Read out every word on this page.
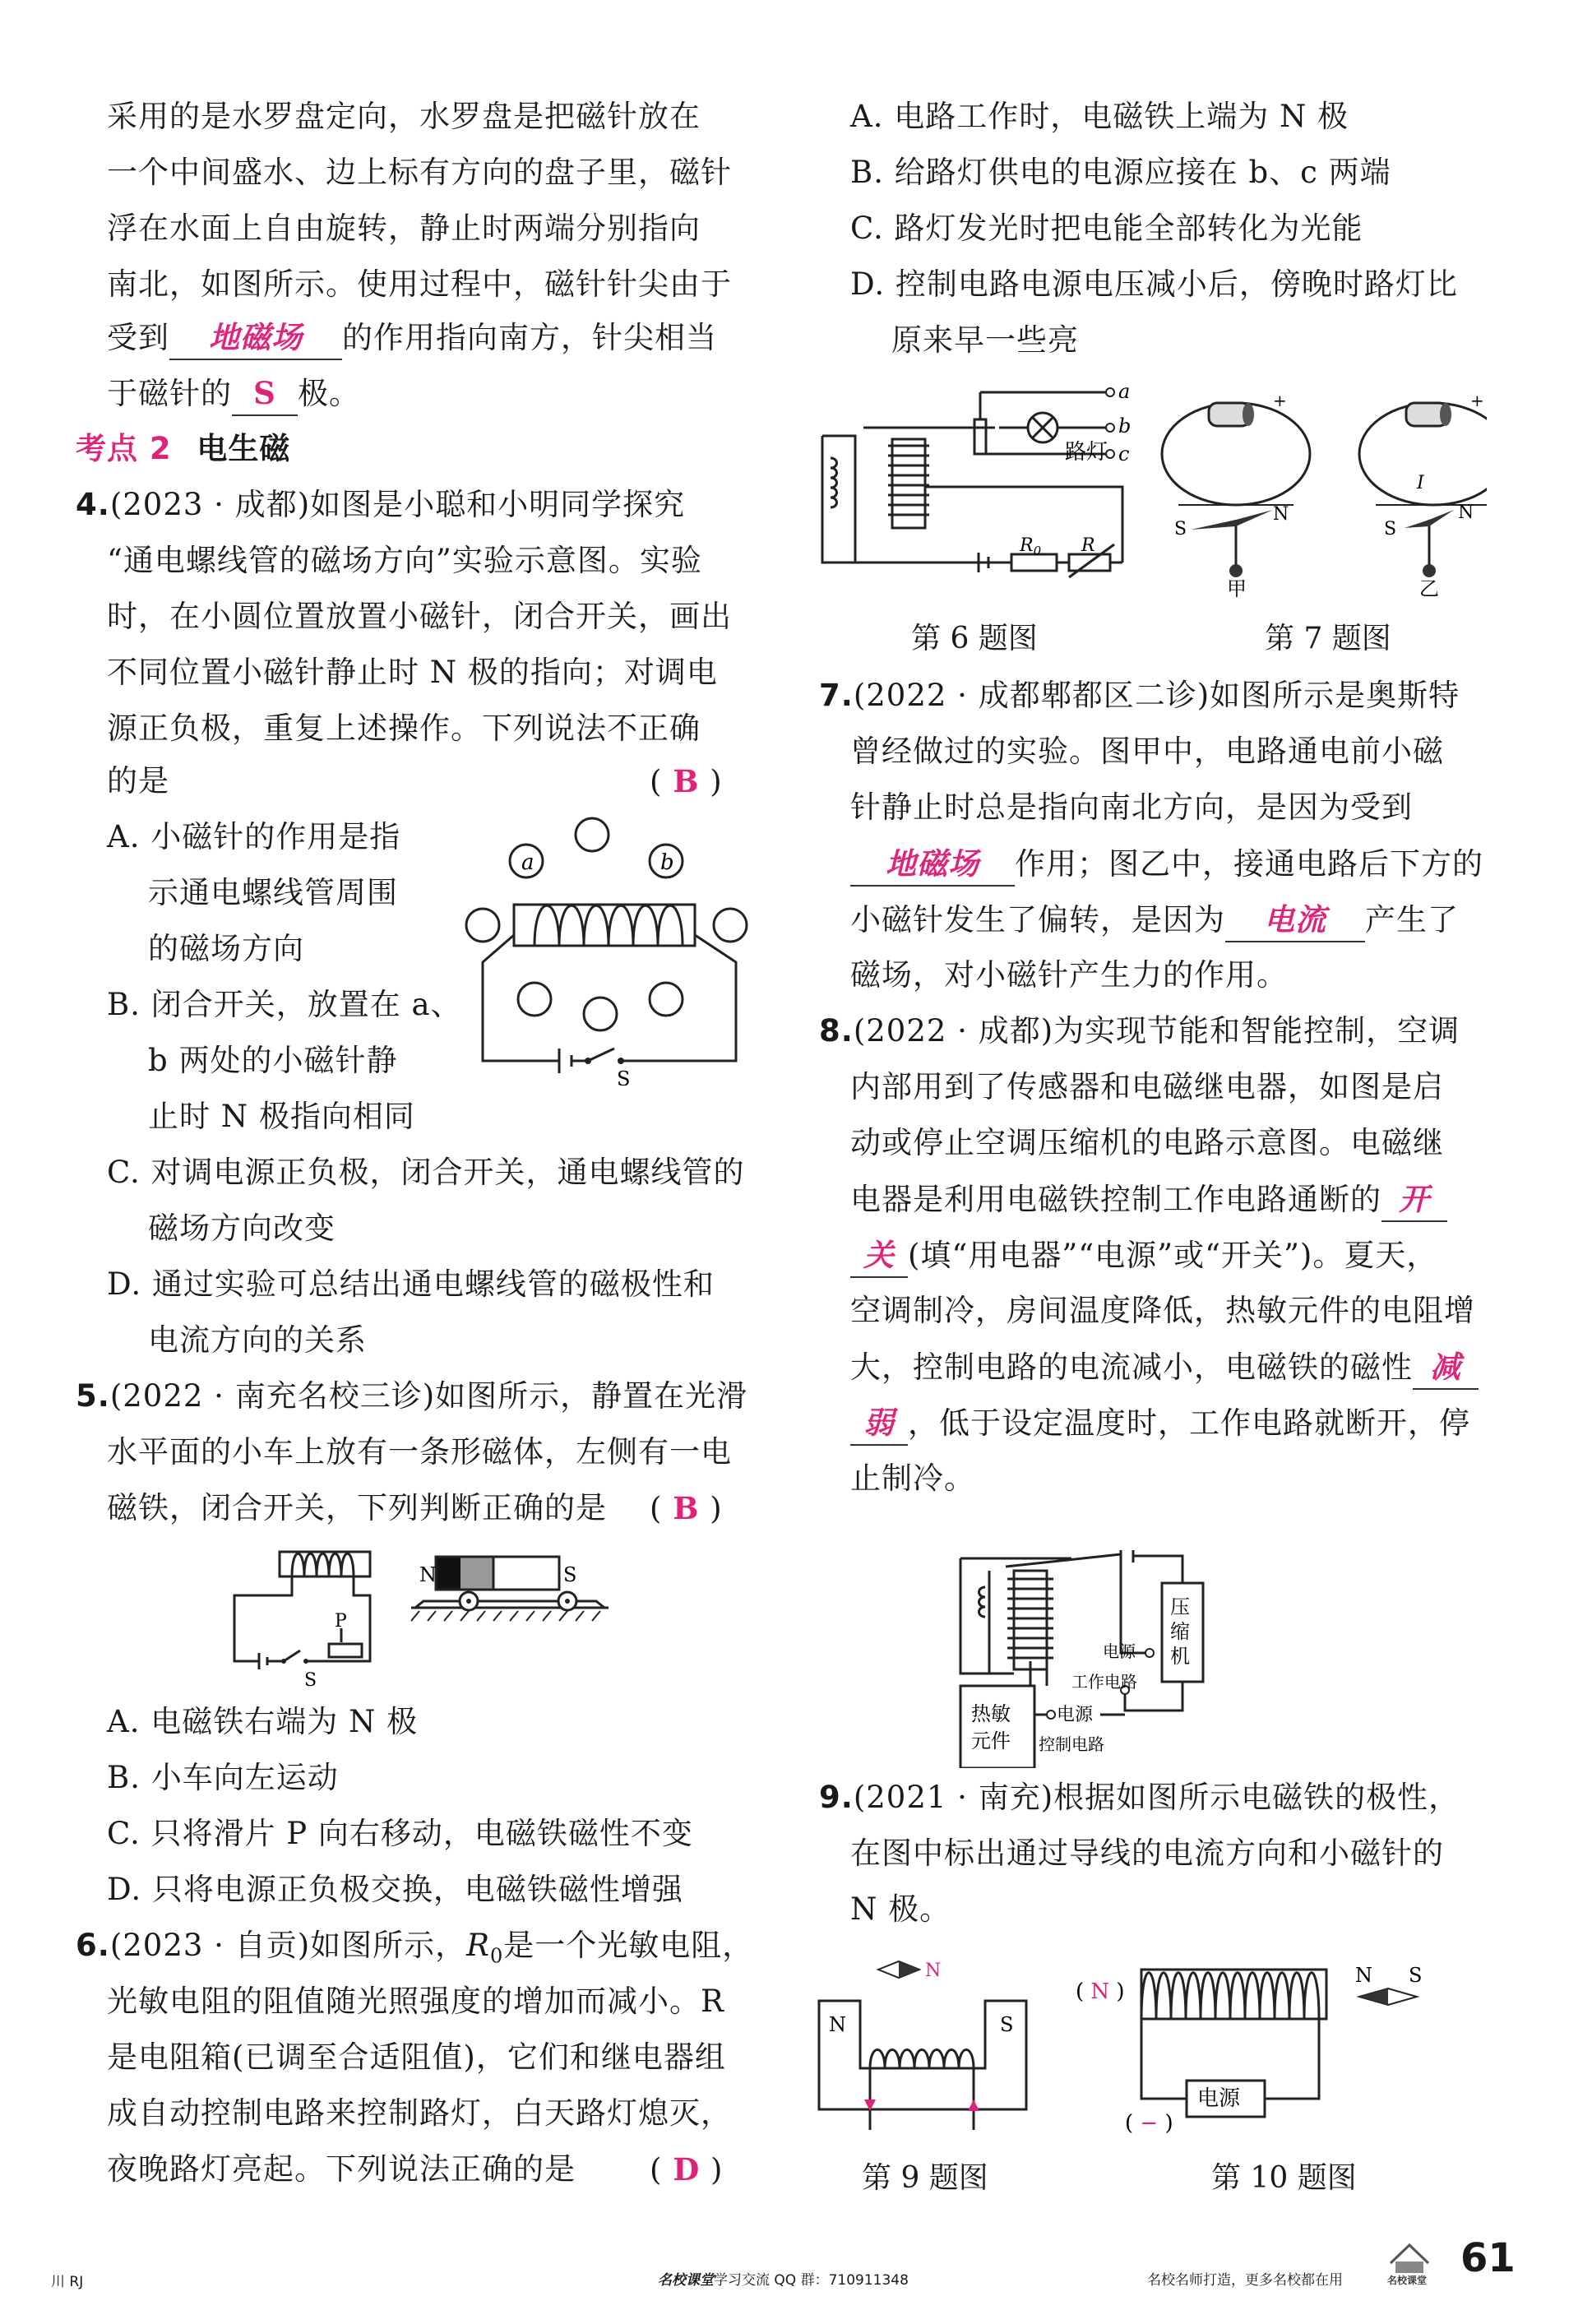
采用的是水罗盘定向，水罗盘是把磁针放在
一个中间盛水、边上标有方向的盘子里，磁针
浮在水面上自由旋转，静止时两端分别指向
南北，如图所示。使用过程中，磁针针尖由于
受到 地磁场 的作用指向南方，针尖相当
于磁针的 S 极。
考点 2 电生磁
4.(2023 · 成都)如图是小聪和小明同学探究
“通电螺线管的磁场方向”实验示意图。实验
时，在小圆位置放置小磁针，闭合开关，画出
不同位置小磁针静止时 N 极的指向；对调电
源正负极，重复上述操作。下列说法不正确
的是	( B )
A. 小磁针的作用是指
示通电螺线管周围
的磁场方向
B. 闭合开关，放置在 a、
b 两处的小磁针静
止时 N 极指向相同
a	b
S
C. 对调电源正负极，闭合开关，通电螺线管的
磁场方向改变
D. 通过实验可总结出通电螺线管的磁极性和
电流方向的关系
5.(2022 · 南充名校三诊)如图所示，静置在光滑
水平面的小车上放有一条形磁体，左侧有一电
磁铁，闭合开关，下列判断正确的是 ( B )
N	S
P
S
A. 电磁铁右端为 N 极
B. 小车向左运动
C. 只将滑片 P 向右移动，电磁铁磁性不变
D. 只将电源正负极交换，电磁铁磁性增强
6.(2023 · 自贡)如图所示，$R_0$是一个光敏电阻，
光敏电阻的阻值随光照强度的增加而减小。R
是电阻箱(已调至合适阻值)，它们和继电器组
成自动控制电路来控制路灯，白天路灯熄灭，
夜晚路灯亮起。下列说法正确的是 ( D )
A. 电路工作时，电磁铁上端为 N 极
B. 给路灯供电的电源应接在 b、c 两端
C. 路灯发光时把电能全部转化为光能
D. 控制电路电源电压减小后，傍晚时路灯比
原来早一些亮
a
b
c
路灯
$R_0$ R
+	+
S
N
S
N
I
甲	乙
第 6 题图	第 7 题图
7.(2022 · 成都郫都区二诊)如图所示是奥斯特
曾经做过的实验。图甲中，电路通电前小磁
针静止时总是指向南北方向，是因为受到
地磁场 作用；图乙中，接通电路后下方的
小磁针发生了偏转，是因为 电流 产生了
磁场，对小磁针产生力的作用。
8.(2022 · 成都)为实现节能和智能控制，空调
内部用到了传感器和电磁继电器，如图是启
动或停止空调压缩机的电路示意图。电磁继
电器是利用电磁铁控制工作电路通断的 开
关 (填“用电器”“电源”或“开关”)。夏天，
空调制冷，房间温度降低，热敏元件的电阻增
大，控制电路的电流减小，电磁铁的磁性 减
弱 ，低于设定温度时，工作电路就断开，停
止制冷。
压
缩
机
电源
工作电路
热敏
元件
电源
控制电路
9.(2021 · 南充)根据如图所示电磁铁的极性，
在图中标出通过导线的电流方向和小磁针的
N 极。
N
N
S
( N )
电源
( − )
N S
第 9 题图	第 10 题图
川 RJ	名校课堂学习交流 QQ 群：710911348	名校名师打造，更多名校都在用	名校课堂 61
